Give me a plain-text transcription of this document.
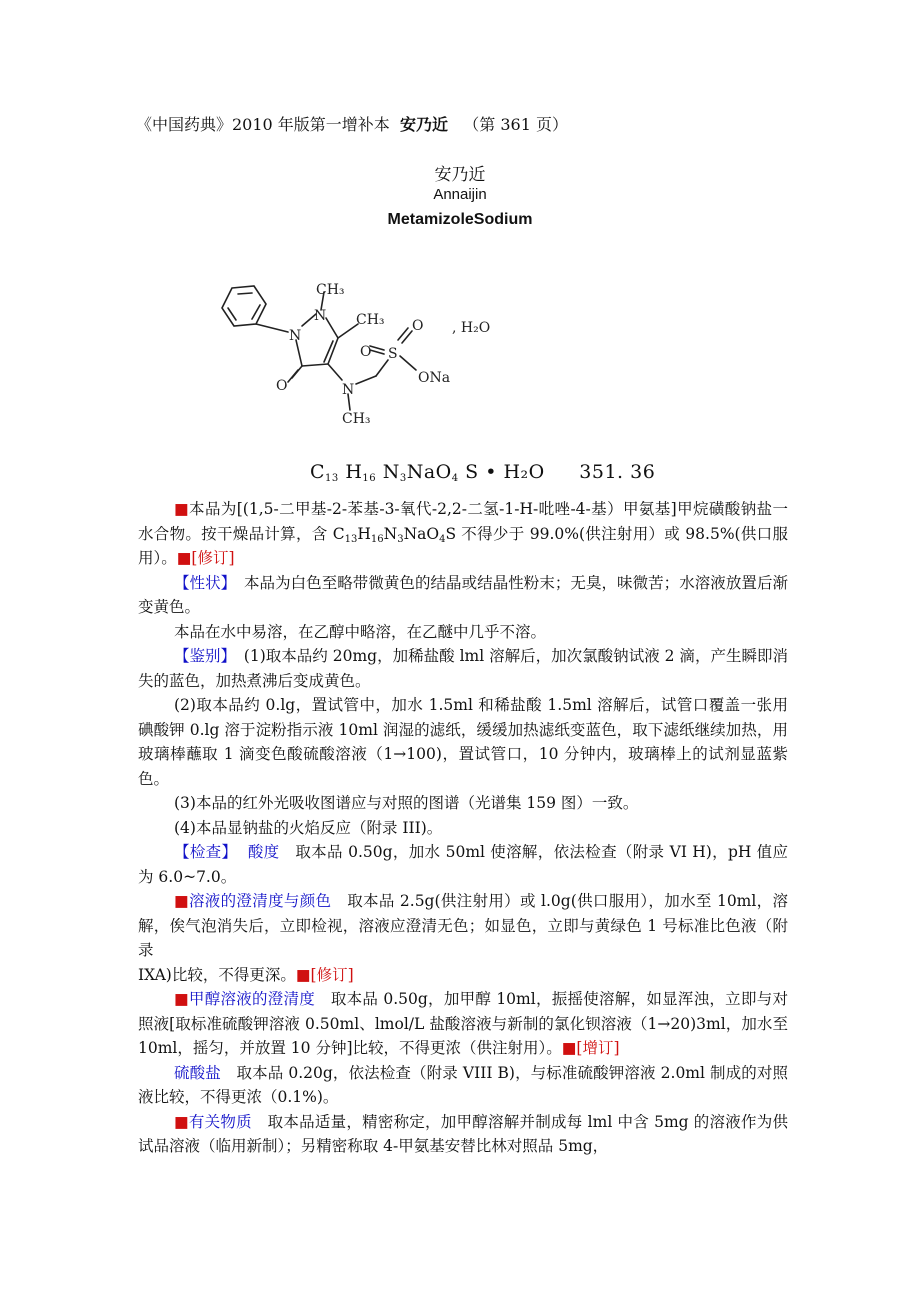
《中国药典》2010 年版第一增补本 安乃近 （第 361 页）
安乃近
Annaijin
MetamizoleSodium
CH₃
N CH₃
N
O	N
CH₃
O S
O
ONa
, H₂O
$C_{13}$ $H_{16}$ $N_3NaO_4$ S • H₂O 351. 36

■本品为[(1,5-二甲基-2-苯基-3-氧代-2,2-二氢-1-H-吡唑-4-基）甲氨基]甲烷磺酸钠盐一水合物。按干燥品计算，含 $C_{13}H_{16}N_3NaO_4S$ 不得少于 99.0%(供注射用）或 98.5%(供口服用）。■[修订]

【性状】　本品为白色至略带微黄色的结晶或结晶性粉末；无臭，味微苦；水溶液放置后渐变黄色。

本品在水中易溶，在乙醇中略溶，在乙醚中几乎不溶。

【鉴别】　(1)取本品约 20mg，加稀盐酸 lml 溶解后，加次氯酸钠试液 2 滴，产生瞬即消失的蓝色，加热煮沸后变成黄色。

(2)取本品约 0.lg，置试管中，加水 1.5ml 和稀盐酸 1.5ml 溶解后，试管口覆盖一张用碘酸钾 0.lg 溶于淀粉指示液 10ml 润湿的滤纸，缓缓加热滤纸变蓝色，取下滤纸继续加热，用玻璃棒蘸取 1 滴变色酸硫酸溶液（1→100)，置试管口，10 分钟内，玻璃棒上的试剂显蓝紫色。

(3)本品的红外光吸收图谱应与对照的图谱（光谱集 159 图）一致。

(4)本品显钠盐的火焰反应（附录 III)。

【检查】 酸度　取本品 0.50g，加水 50ml 使溶解，依法检查（附录 VI H)，pH 值应为 6.0~7.0。

■溶液的澄清度与颜色　取本品 2.5g(供注射用）或 l.0g(供口服用），加水至 10ml，溶解，俟气泡消失后，立即检视，溶液应澄清无色；如显色，立即与黄绿色 1 号标准比色液（附录

IXA)比较，不得更深。■[修订]

■甲醇溶液的澄清度　取本品 0.50g，加甲醇 10ml，振摇使溶解，如显浑浊，立即与对照液[取标准硫酸钾溶液 0.50ml、lmol/L 盐酸溶液与新制的氯化钡溶液（1→20)3ml，加水至 10ml，摇匀，并放置 10 分钟]比较，不得更浓（供注射用）。■[增订]

硫酸盐　取本品 0.20g，依法检查（附录 VIII B)，与标准硫酸钾溶液 2.0ml 制成的对照液比较，不得更浓（0.1%)。

■有关物质　取本品适量，精密称定，加甲醇溶解并制成每 lml 中含 5mg 的溶液作为供试品溶液（临用新制）；另精密称取 4-甲氨基安替比林对照品 5mg，
